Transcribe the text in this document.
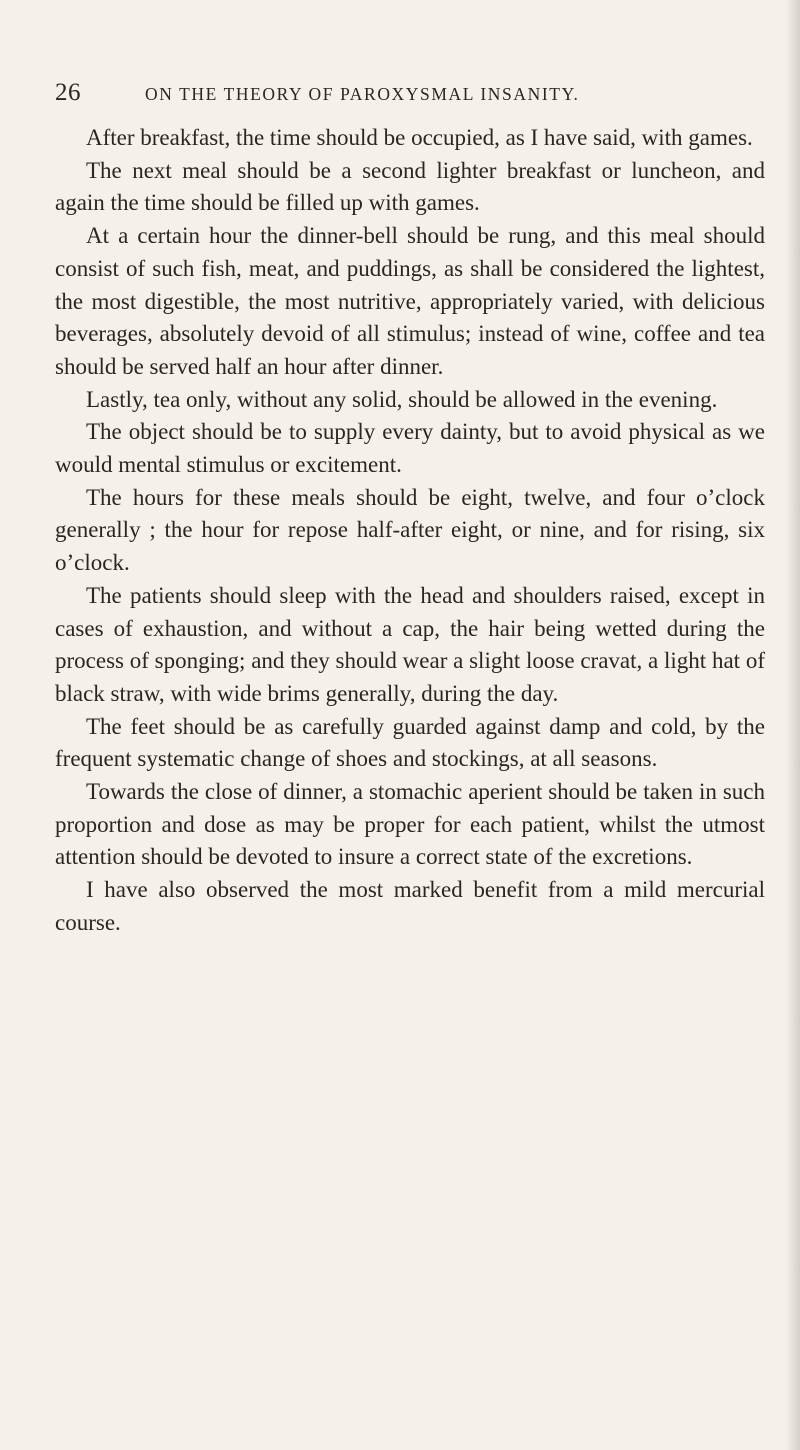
26	ON THE THEORY OF PAROXYSMAL INSANITY.

After breakfast, the time should be occupied, as I have said, with games.

The next meal should be a second lighter breakfast or luncheon, and again the time should be filled up with games.

At a certain hour the dinner-bell should be rung, and this meal should consist of such fish, meat, and puddings, as shall be considered the lightest, the most digestible, the most nutritive, appropriately varied, with delicious beverages, absolutely devoid of all stimulus; instead of wine, coffee and tea should be served half an hour after dinner.

Lastly, tea only, without any solid, should be allowed in the evening.

The object should be to supply every dainty, but to avoid physical as we would mental stimulus or excitement.

The hours for these meals should be eight, twelve, and four o’clock generally ; the hour for repose half-after eight, or nine, and for rising, six o’clock.

The patients should sleep with the head and shoulders raised, except in cases of exhaustion, and without a cap, the hair being wetted during the process of sponging; and they should wear a slight loose cravat, a light hat of black straw, with wide brims generally, during the day.

The feet should be as carefully guarded against damp and cold, by the frequent systematic change of shoes and stockings, at all seasons.

Towards the close of dinner, a stomachic aperient should be taken in such proportion and dose as may be proper for each patient, whilst the utmost attention should be devoted to insure a correct state of the excretions.

I have also observed the most marked benefit from a mild mercurial course.
